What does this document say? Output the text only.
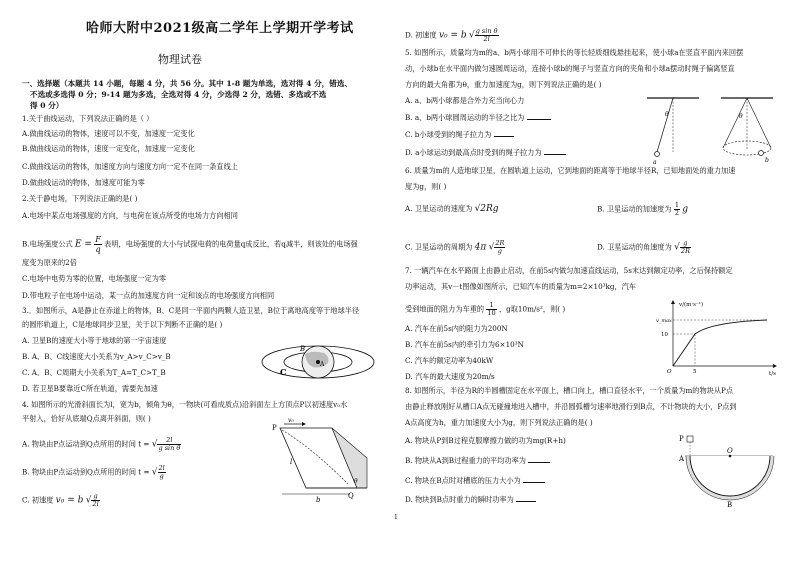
哈师大附中2021级高二学年上学期开学考试
物理试卷
一、选择题（本题共 14 小题，每题 4 分，共 56 分。其中 1-8 题为单选，选对得 4 分，错选、
不选或多选得 0 分；9-14 题为多选，全选对得 4 分，少选得 2 分，选错、多选或不选
得 0 分）
1.关于曲线运动，下列说法正确的是（ ）
A.做曲线运动的物体，速度可以不变，加速度一定变化
B.做曲线运动的物体，速度一定变化，加速度一定变化
C.做曲线运动的物体，加速度方向与速度方向一定不在同一条直线上
D.做曲线运动的物体，加速度可能为零
2.关于静电场，下列说法正确的是( )
A.电场中某点电场强度的方向，与电荷在该点所受的电场力方向相同
B.电场强度公式 $E = \frac{F}{q}$ 表明，电场强度的大小与试探电荷的电荷量q成反比，若q减半，则该处的电场强
度变为原来的2倍
C.电场中电势为零的位置，电场强度一定为零
D.带电粒子在电场中运动，某一点的加速度方向一定和该点的电场强度方向相同
3.．如图所示，A是静止在赤道上的物体，B、C是同一平面内两颗人造卫星，B位于离地高度等于地球半径
的圆形轨道上，C是地球同步卫星，关于以下判断不正确的是( )
A. 卫星B的速度大小等于地球的第一宇宙速度
B. A、B、C线速度大小关系为v_A>v_C>v_B
C. A、B、C周期大小关系为T_A=T_C>T_B
D. 若卫星B要靠近C所在轨道，需要先加速
B
C
A
4. 如图所示的光滑斜面长为l，宽为b，倾角为θ，一物块(可看成质点)沿斜面左上方顶点P以初速度v₀水
平射入，恰好从底端Q点离开斜面，则( )
A. 物块由P点运动到Q点所用的时间 t = √ $\frac{2l}{\text{g sin θ}}$
B. 物块由P点运动到Q点所用的时间 t = √ $\frac{2l}{g}$
C. 初速度 v₀ = b √ $\frac{g}{2l}$
P
v₀
l
θ
b	Q
D. 初速度 v₀ = b √ $\frac{\text{g sin θ}}{2l}$
5. 如图所示，质量均为m的a、b两小球用不可伸长的等长轻质细线悬挂起来，使小球a在竖直平面内来回摆
动，小球b在水平面内做匀速圆周运动，连接小球b的绳子与竖直方向的夹角和小球a摆动时绳子偏离竖直
方向的最大角都为θ，重力加速度为g，则下列说法正确的是( )
A. a、b两小球都是合外力充当向心力
B. a、b两小球圆周运动的半径之比为
C. b小球受到的绳子拉力为
D. a小球运动到最高点时受到的绳子拉力为
θ
a
θ
b
6. 质量为m的人造地球卫星，在圆轨道上运动，它到地面的距离等于地球半径R，已知地面处的重力加速
度为g，则( )
A. 卫星运动的速度为 √2Rg	B. 卫星运动的加速度为 $\frac{1}{2}$ g
C. 卫星运动的周期为 4π √ $\frac{2R}{g}$	D. 卫星运动的角速度为 √ $\frac{g}{2R}$
7. 一辆汽车在水平路面上由静止启动，在前5s内做匀加速直线运动，5s末达到额定功率，之后保持额定
功率运动，其v－t图像如图所示，已知汽车的质量为m=2×10³kg，汽车
受到地面的阻力为车重的 $\frac{1}{10}$ ，g取10m/s²，则( )
A. 汽车在前5s内的阻力为200N
B. 汽车在前5s内的牵引力为6×10³N
C. 汽车的额定功率为40kW
D. 汽车的最大速度为20m/s
v/(m·s⁻¹)
v_max
10
O	5	t/s
8. 如图所示，半径为R的半圆槽固定在水平面上，槽口向上，槽口直径水平，一个质量为m的物块从P点
由静止释放刚好从槽口A点无碰撞地进入槽中，并沿圆弧槽匀速率地滑行到B点，不计物块的大小，P点到
A点高度为h，重力加速度大小为g，则下列说法正确的是( )
A. 物块从P到B过程克服摩擦力做的功为mg(R+h)
B. 物块从A到B过程重力的平均功率为
C. 物块在B点时对槽底的压力大小为
D. 物块到B点时重力的瞬时功率为
P
A
O
B
1
